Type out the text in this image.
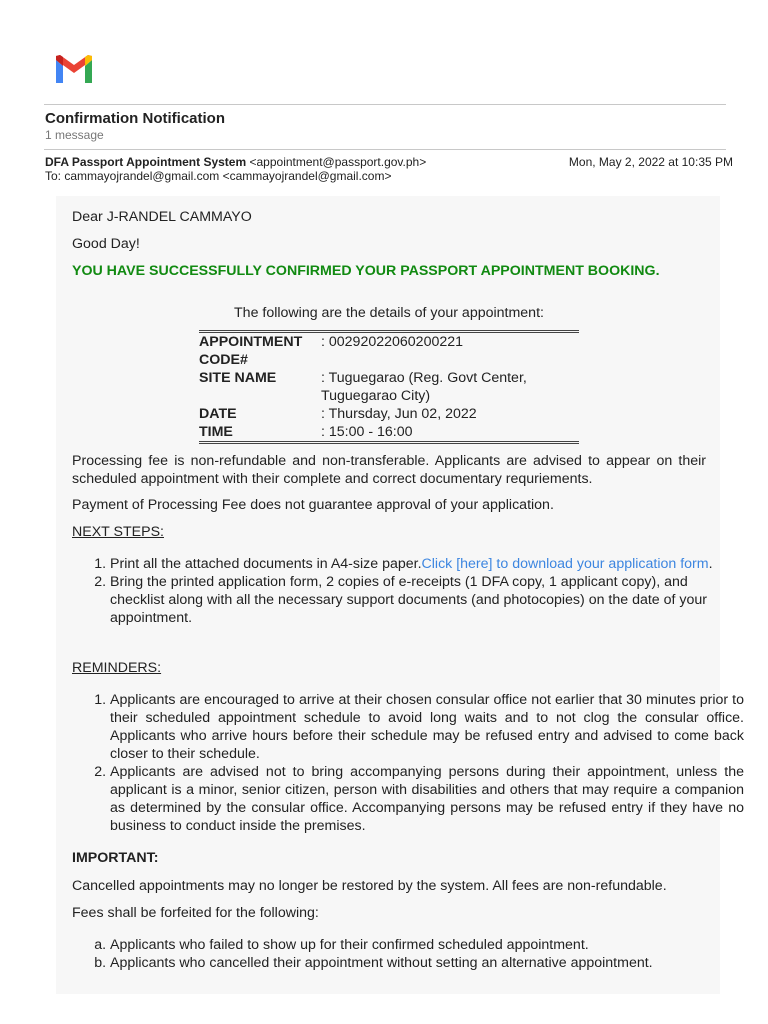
Confirmation Notification
1 message
DFA Passport Appointment System <appointment@passport.gov.ph>	Mon, May 2, 2022 at 10:35 PM
To: cammayojrandel@gmail.com <cammayojrandel@gmail.com>

Dear J-RANDEL CAMMAYO

Good Day!

YOU HAVE SUCCESSFULLY CONFIRMED YOUR PASSPORT APPOINTMENT BOOKING.

The following are the details of your appointment:

APPOINTMENT CODE#	: 00292022060200221
SITE NAME	: Tuguegarao (Reg. Govt Center, Tuguegarao City)
DATE	: Thursday, Jun 02, 2022
TIME	: 15:00 - 16:00

Processing fee is non-refundable and non-transferable. Applicants are advised to appear on their scheduled appointment with their complete and correct documentary requriements.

Payment of Processing Fee does not guarantee approval of your application.

NEXT STEPS:

1. Print all the attached documents in A4-size paper.Click [here] to download your application form.
2. Bring the printed application form, 2 copies of e-receipts (1 DFA copy, 1 applicant copy), and checklist along with all the necessary support documents (and photocopies) on the date of your appointment.

REMINDERS:

1. Applicants are encouraged to arrive at their chosen consular office not earlier that 30 minutes prior to their scheduled appointment schedule to avoid long waits and to not clog the consular office. Applicants who arrive hours before their schedule may be refused entry and advised to come back closer to their schedule.
2. Applicants are advised not to bring accompanying persons during their appointment, unless the applicant is a minor, senior citizen, person with disabilities and others that may require a companion as determined by the consular office. Accompanying persons may be refused entry if they have no business to conduct inside the premises.

IMPORTANT:

Cancelled appointments may no longer be restored by the system. All fees are non-refundable.

Fees shall be forfeited for the following:

a. Applicants who failed to show up for their confirmed scheduled appointment.
b. Applicants who cancelled their appointment without setting an alternative appointment.
